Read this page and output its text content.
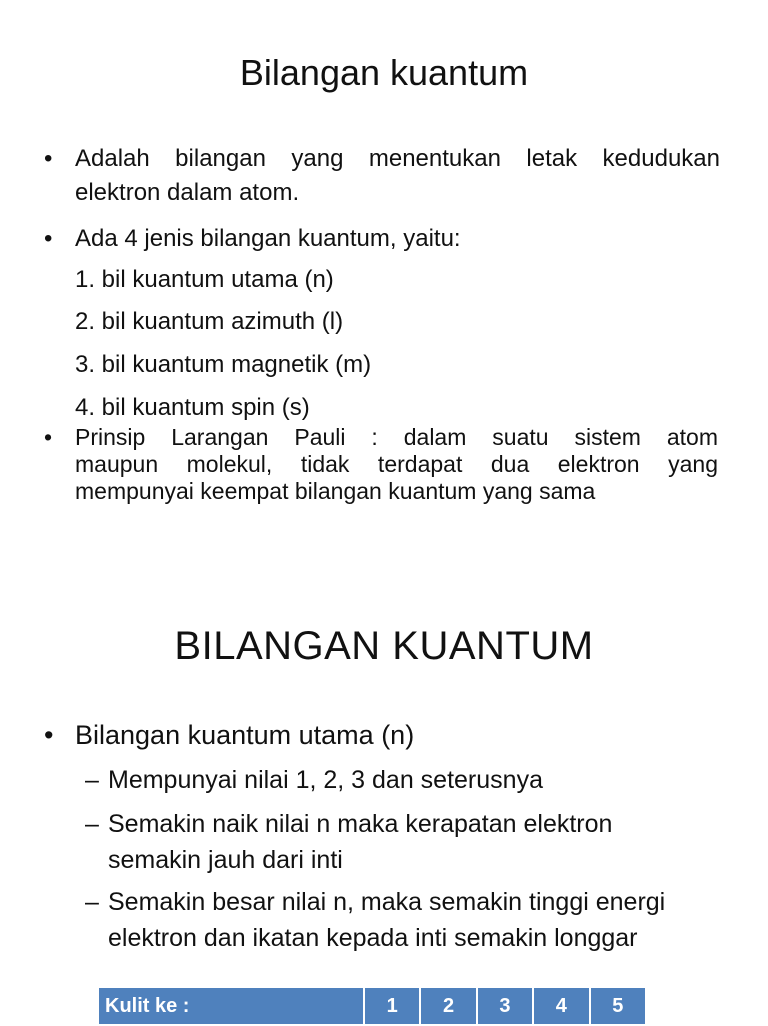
Bilangan kuantum
• Adalah bilangan yang menentukan letak kedudukan
elektron dalam atom.
• Ada 4 jenis bilangan kuantum, yaitu:
1. bil kuantum utama (n)
2. bil kuantum azimuth (l)
3. bil kuantum magnetik (m)
4. bil kuantum spin (s)
• Prinsip Larangan Pauli : dalam suatu sistem atom
maupun molekul, tidak terdapat dua elektron yang
mempunyai keempat bilangan kuantum yang sama
BILANGAN KUANTUM
• Bilangan kuantum utama (n)
– Mempunyai nilai 1, 2, 3 dan seterusnya
– Semakin naik nilai n maka kerapatan elektron
semakin jauh dari inti
– Semakin besar nilai n, maka semakin tinggi energi
elektron dan ikatan kepada inti semakin longgar
Kulit ke :	1	2	3	4	5
